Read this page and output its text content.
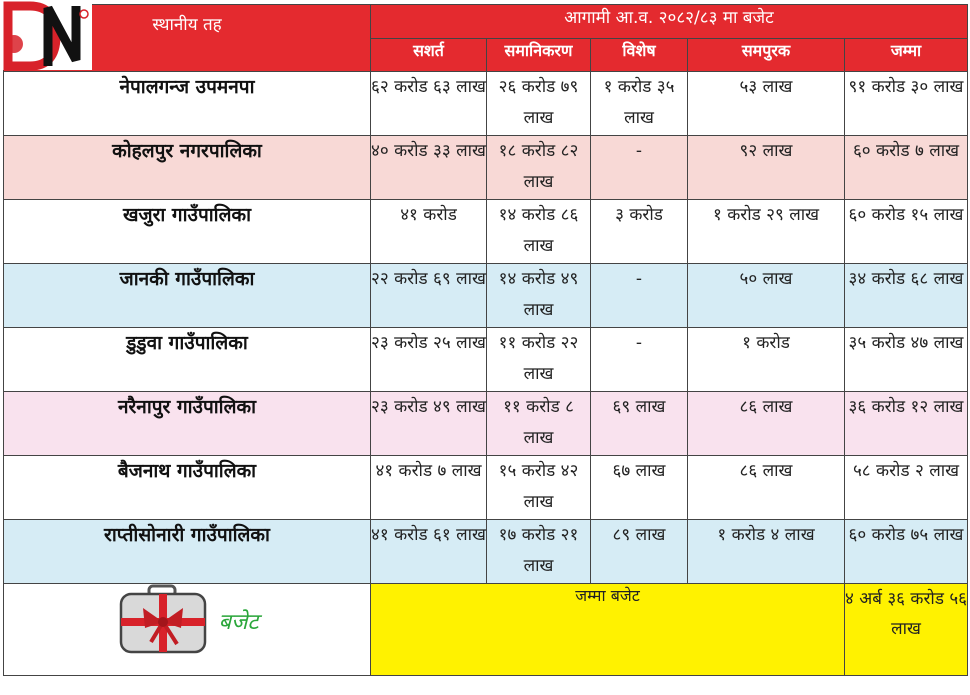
स्थानीय तह	आगामी आ.व. २०८२/८३ मा बजेट				
	सशर्त	समानिकरण	विशेष	समपुरक	जम्मा
नेपालगन्ज उपमनपा	६२ करोड ६३ लाख	२६ करोड ७९ लाख	१ करोड ३५ लाख	५३ लाख	९१ करोड ३० लाख
कोहलपुर नगरपालिका	४० करोड ३३ लाख	१८ करोड ८२ लाख	-	९२ लाख	६० करोड ७ लाख
खजुरा गाउँपालिका	४१ करोड	१४ करोड ८६ लाख	३ करोड	१ करोड २९ लाख	६० करोड १५ लाख
जानकी गाउँपालिका	२२ करोड ६९ लाख	१४ करोड ४९ लाख	-	५० लाख	३४ करोड ६८ लाख
डुडुवा गाउँपालिका	२३ करोड २५ लाख	११ करोड २२ लाख	-	१ करोड	३५ करोड ४७ लाख
नरैनापुर गाउँपालिका	२३ करोड ४९ लाख	११ करोड ८ लाख	६९ लाख	८६ लाख	३६ करोड १२ लाख
बैजनाथ गाउँपालिका	४१ करोड ७ लाख	१५ करोड ४२ लाख	६७ लाख	८६ लाख	५८ करोड २ लाख
राप्तीसोनारी गाउँपालिका	४१ करोड ६१ लाख	१७ करोड २१ लाख	८९ लाख	१ करोड ४ लाख	६० करोड ७५ लाख
बजेट	जम्मा बजेट				४ अर्ब ३६ करोड ५६ लाख
